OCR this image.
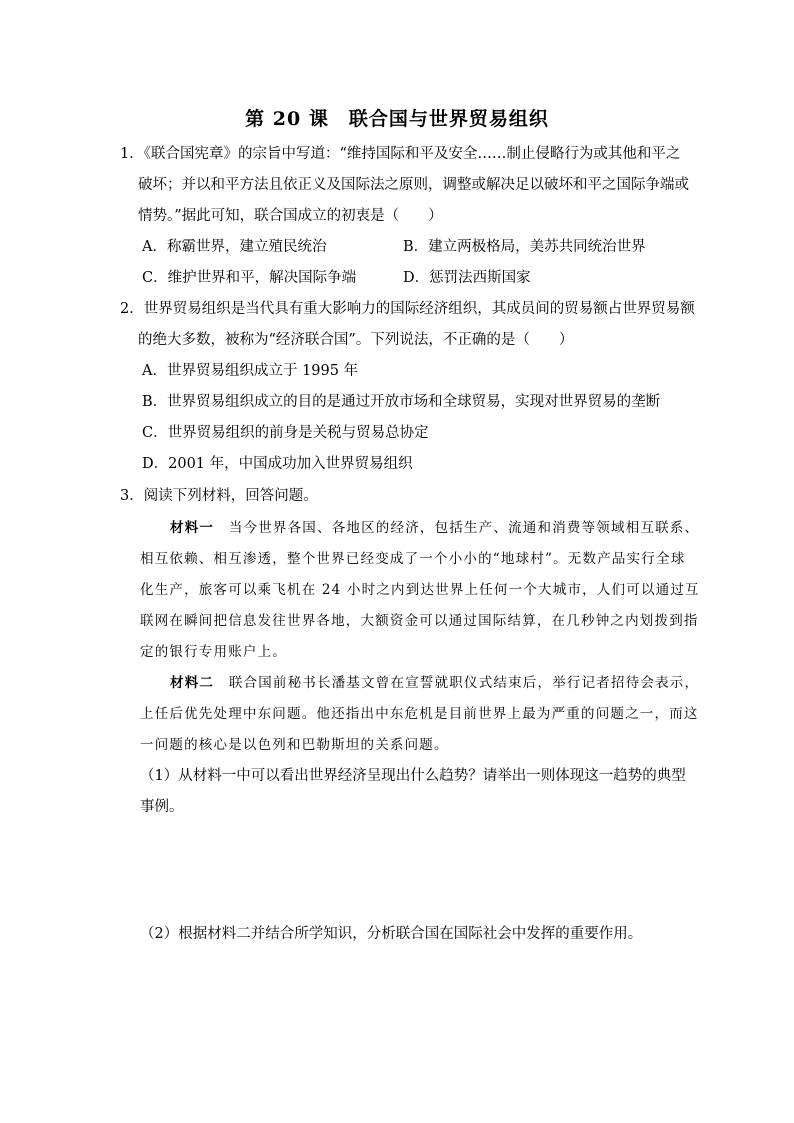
第 20 课　联合国与世界贸易组织
1．《联合国宪章》的宗旨中写道：“维持国际和平及安全……制止侵略行为或其他和平之
破坏；并以和平方法且依正义及国际法之原则，调整或解决足以破坏和平之国际争端或
情势。”据此可知，联合国成立的初衷是（　　）
A．称霸世界，建立殖民统治	B．建立两极格局，美苏共同统治世界
C．维护世界和平，解决国际争端	D．惩罚法西斯国家
2．世界贸易组织是当代具有重大影响力的国际经济组织，其成员间的贸易额占世界贸易额
的绝大多数，被称为“经济联合国”。下列说法，不正确的是（　　）
A．世界贸易组织成立于 1995 年
B．世界贸易组织成立的目的是通过开放市场和全球贸易，实现对世界贸易的垄断
C．世界贸易组织的前身是关税与贸易总协定
D．2001 年，中国成功加入世界贸易组织
3．阅读下列材料，回答问题。
材料一　 当今世界各国、各地区的经济，包括生产、流通和消费等领域相互联系、
相互依赖、相互渗透，整个世界已经变成了一个小小的“地球村”。无数产品实行全球
化生产，旅客可以乘飞机在 24 小时之内到达世界上任何一个大城市，人们可以通过互
联网在瞬间把信息发往世界各地，大额资金可以通过国际结算，在几秒钟之内划拨到指
定的银行专用账户上。
材料二　 联合国前秘书长潘基文曾在宣誓就职仪式结束后，举行记者招待会表示，
上任后优先处理中东问题。他还指出中东危机是目前世界上最为严重的问题之一，而这
一问题的核心是以色列和巴勒斯坦的关系问题。
（1）从材料一中可以看出世界经济呈现出什么趋势？请举出一则体现这一趋势的典型
事例。
（2）根据材料二并结合所学知识，分析联合国在国际社会中发挥的重要作用。
